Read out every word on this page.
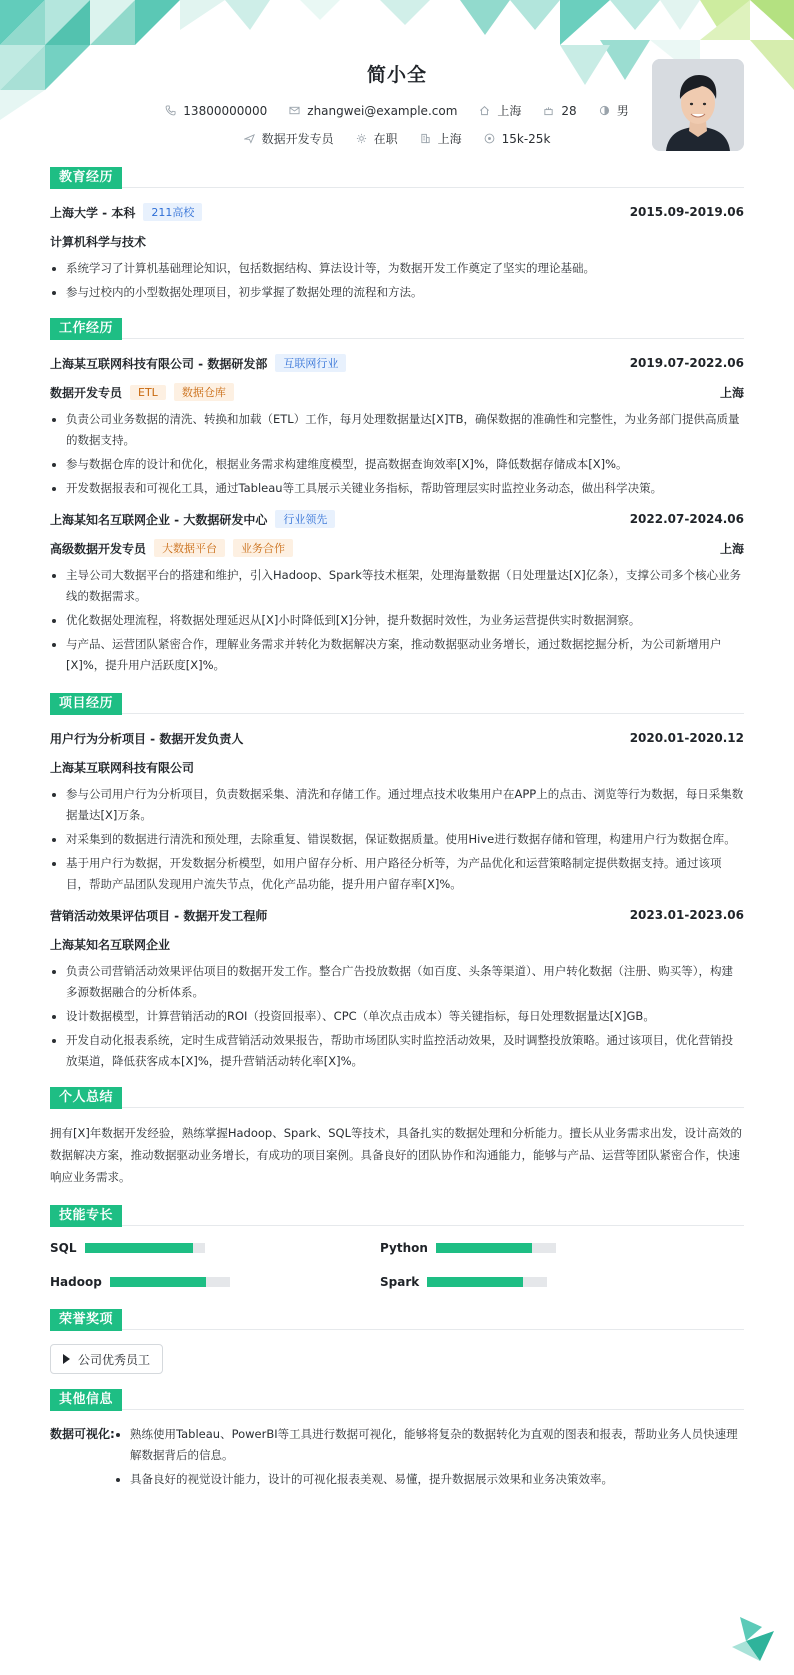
简小全
13800000000	zhangwei@example.com	上海	28	男
数据开发专员	在职	上海	15k-25k
教育经历
上海大学 - 本科	211高校	2015.09-2019.06
计算机科学与技术
系统学习了计算机基础理论知识，包括数据结构、算法设计等，为数据开发工作奠定了坚实的理论基础。
参与过校内的小型数据处理项目，初步掌握了数据处理的流程和方法。
工作经历
上海某互联网科技有限公司 - 数据研发部	互联网行业	2019.07-2022.06
数据开发专员	ETL	数据仓库	上海
负责公司业务数据的清洗、转换和加载（ETL）工作，每月处理数据量达[X]TB，确保数据的准确性和完整性，为业务部门提供高质量的数据支持。
参与数据仓库的设计和优化，根据业务需求构建维度模型，提高数据查询效率[X]%，降低数据存储成本[X]%。
开发数据报表和可视化工具，通过Tableau等工具展示关键业务指标，帮助管理层实时监控业务动态，做出科学决策。
上海某知名互联网企业 - 大数据研发中心	行业领先	2022.07-2024.06
高级数据开发专员	大数据平台	业务合作	上海
主导公司大数据平台的搭建和维护，引入Hadoop、Spark等技术框架，处理海量数据（日处理量达[X]亿条），支撑公司多个核心业务线的数据需求。
优化数据处理流程，将数据处理延迟从[X]小时降低到[X]分钟，提升数据时效性，为业务运营提供实时数据洞察。
与产品、运营团队紧密合作，理解业务需求并转化为数据解决方案，推动数据驱动业务增长，通过数据挖掘分析，为公司新增用户[X]%，提升用户活跃度[X]%。
项目经历
用户行为分析项目 - 数据开发负责人	2020.01-2020.12
上海某互联网科技有限公司
参与公司用户行为分析项目，负责数据采集、清洗和存储工作。通过埋点技术收集用户在APP上的点击、浏览等行为数据，每日采集数据量达[X]万条。
对采集到的数据进行清洗和预处理，去除重复、错误数据，保证数据质量。使用Hive进行数据存储和管理，构建用户行为数据仓库。
基于用户行为数据，开发数据分析模型，如用户留存分析、用户路径分析等，为产品优化和运营策略制定提供数据支持。通过该项目，帮助产品团队发现用户流失节点，优化产品功能，提升用户留存率[X]%。
营销活动效果评估项目 - 数据开发工程师	2023.01-2023.06
上海某知名互联网企业
负责公司营销活动效果评估项目的数据开发工作。整合广告投放数据（如百度、头条等渠道）、用户转化数据（注册、购买等），构建多源数据融合的分析体系。
设计数据模型，计算营销活动的ROI（投资回报率）、CPC（单次点击成本）等关键指标，每日处理数据量达[X]GB。
开发自动化报表系统，定时生成营销活动效果报告，帮助市场团队实时监控活动效果，及时调整投放策略。通过该项目，优化营销投放渠道，降低获客成本[X]%，提升营销活动转化率[X]%。
个人总结
拥有[X]年数据开发经验，熟练掌握Hadoop、Spark、SQL等技术，具备扎实的数据处理和分析能力。擅长从业务需求出发，设计高效的数据解决方案，推动数据驱动业务增长，有成功的项目案例。具备良好的团队协作和沟通能力，能够与产品、运营等团队紧密合作，快速响应业务需求。
技能专长
SQL	Python
Hadoop	Spark
荣誉奖项
公司优秀员工
其他信息
数据可视化:	熟练使用Tableau、PowerBI等工具进行数据可视化，能够将复杂的数据转化为直观的图表和报表，帮助业务人员快速理解数据背后的信息。
具备良好的视觉设计能力，设计的可视化报表美观、易懂，提升数据展示效果和业务决策效率。
